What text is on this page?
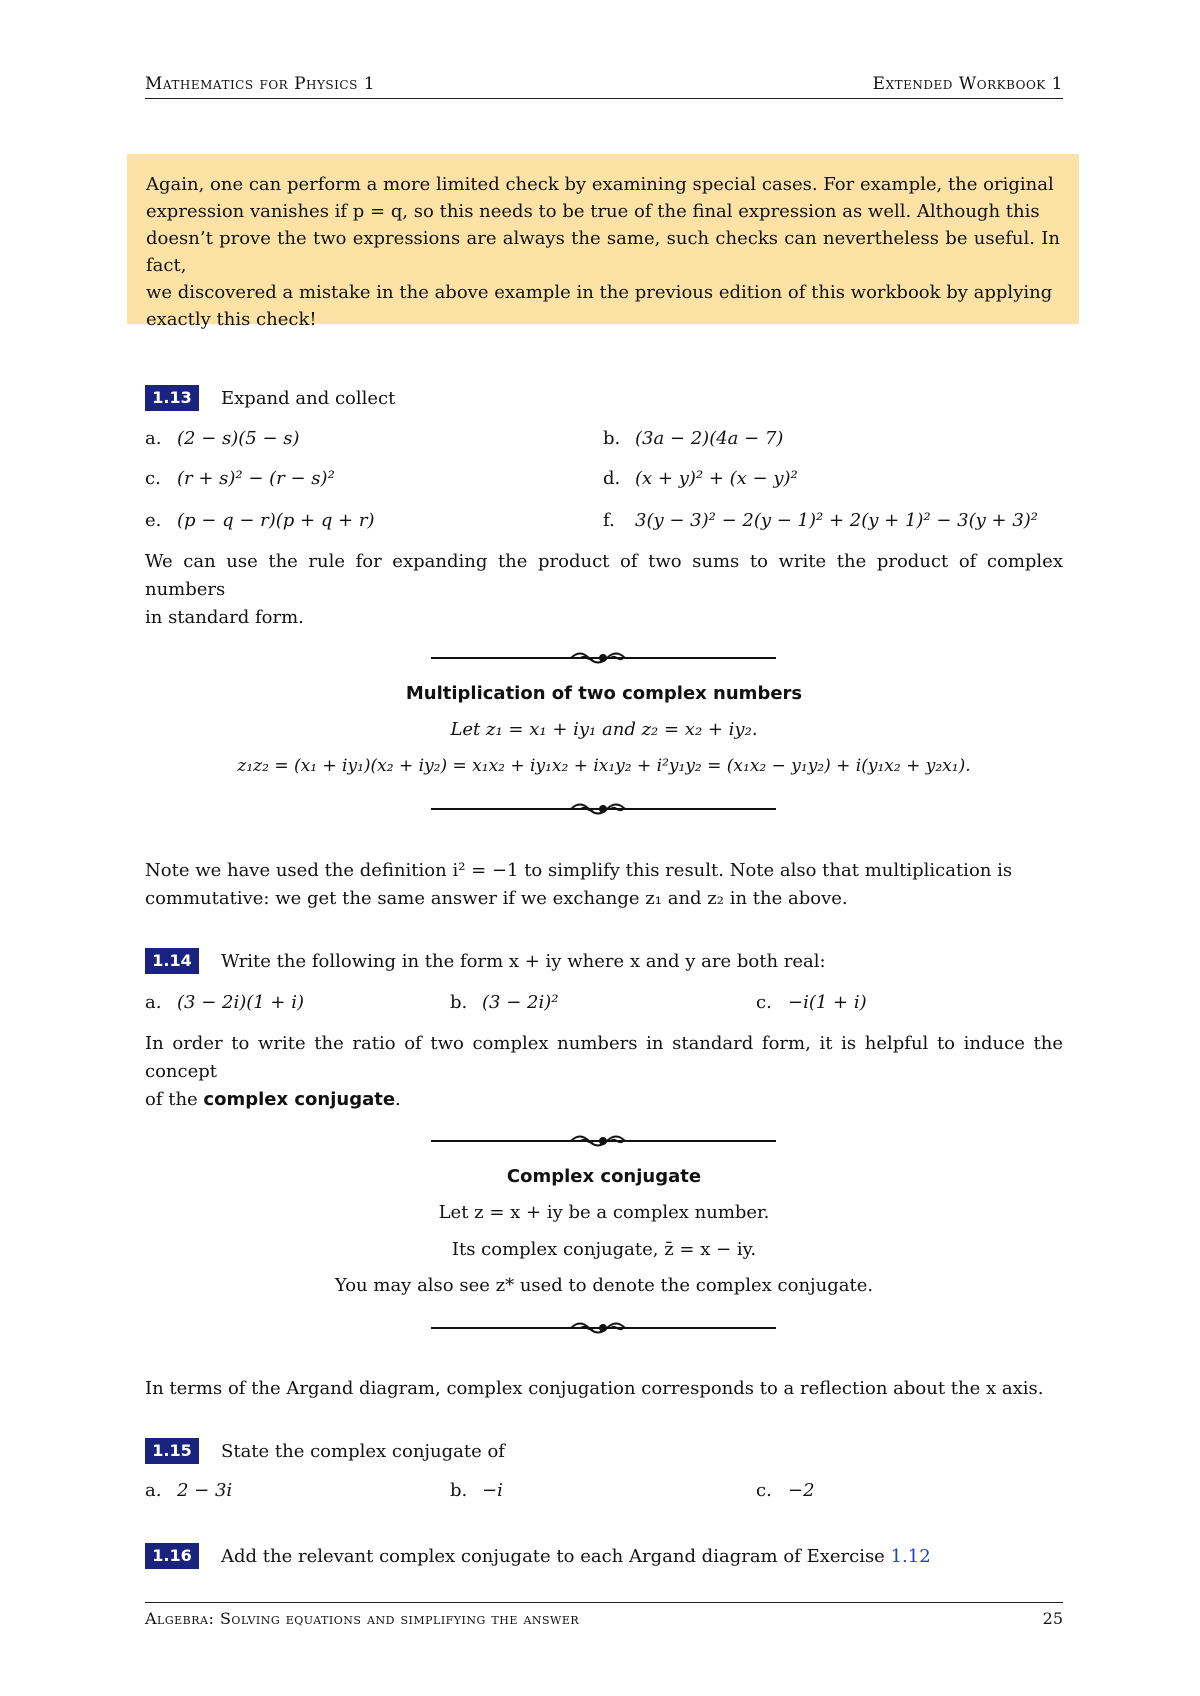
Mathematics for Physics 1	Extended Workbook 1

Again, one can perform a more limited check by examining special cases. For example, the original

expression vanishes if p = q, so this needs to be true of the final expression as well. Although this

doesn’t prove the two expressions are always the same, such checks can nevertheless be useful. In fact,

we discovered a mistake in the above example in the previous edition of this workbook by applying

exactly this check!

1.13	Expand and collect
a. (2 − s)(5 − s)	b. (3a − 2)(4a − 7)
c. (r + s)² − (r − s)²	d. (x + y)² + (x − y)²
e. (p − q − r)(p + q + r)	f. 3(y − 3)² − 2(y − 1)² + 2(y + 1)² − 3(y + 3)²

We can use the rule for expanding the product of two sums to write the product of complex numbers

in standard form.

Multiplication of two complex numbers
Let z₁ = x₁ + iy₁ and z₂ = x₂ + iy₂.
z₁z₂ = (x₁ + iy₁)(x₂ + iy₂) = x₁x₂ + iy₁x₂ + ix₁y₂ + i²y₁y₂ = (x₁x₂ − y₁y₂) + i(y₁x₂ + y₂x₁).

Note we have used the definition i² = −1 to simplify this result. Note also that multiplication is

commutative: we get the same answer if we exchange z₁ and z₂ in the above.

1.14	Write the following in the form x + iy where x and y are both real:
a. (3 − 2i)(1 + i)	b. (3 − 2i)²	c. −i(1 + i)

In order to write the ratio of two complex numbers in standard form, it is helpful to induce the concept

of the complex conjugate.

Complex conjugate
Let z = x + iy be a complex number.
Its complex conjugate, z̄ = x − iy.
You may also see z* used to denote the complex conjugate.
In terms of the Argand diagram, complex conjugation corresponds to a reflection about the x axis.
1.15	State the complex conjugate of
a. 2 − 3i	b. −i	c. −2
1.16	Add the relevant complex conjugate to each Argand diagram of Exercise 1.12
Algebra: Solving equations and simplifying the answer	25
